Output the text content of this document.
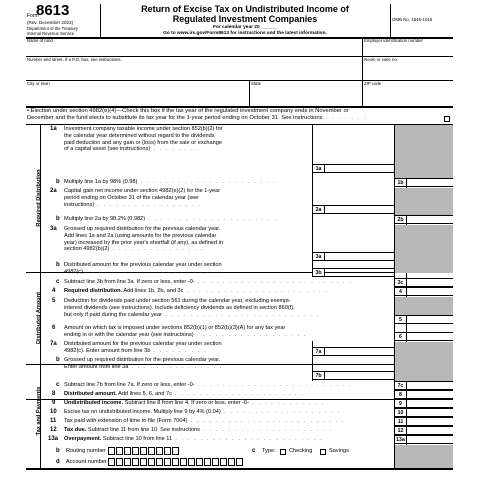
Form
8613
(Rev. December 2023)
Department of the Treasury
Internal Revenue Service
Return of Excise Tax on Undistributed Income of
Regulated Investment Companies
For calendar year 20 ______
Go to www.irs.gov/Form8613 for instructions and the latest information.
OMB No. 1545-1016
Name of fund	Employer identification number
Number and street. If a P.O. box, see instructions.	Room or suite no.
City or town	State	ZIP code
• Election under section 4982(e)(4)—Check this box if the tax year of the regulated investment company ends in November or
December and the fund elects to substitute its tax year for the 1-year period ending on October 31. See instructions . . . . . . .
Required Distribution
Distributed Amount
Tax and Payments
1a Investment company taxable income under section 852(b)(2) for
the calendar year determined without regard to the dividends
paid deduction and any gain or (loss) from the sale or exchange
of a capital asset (see instructions) . . . . . . . .
1a
b Multiply line 1a by 98% (0.98) . . . . . . . . . . . . . . . . . . . . . .	1b
2a Capital gain net income under section 4982(e)(2) for the 1-year
period ending on October 31 of the calendar year (see
instructions) . . . . . . . . . . . . . . . . .
2a
b Multiply line 2a by 98.2% (0.982) . . . . . . . . . . . . . . . . . . . . .	2b
3a Grossed up required distribution for the previous calendar year.
Add lines 1a and 2a (using amounts for the previous calendar
year) increased by the prior year's shortfall (if any), as defined in
section 4982(b)(2) . . . . . . . . . . . . . . .
3a
b Distributed amount for the previous calendar year under section
4982(c) . . . . . . . . . . . . . . . . . . . . . .	3b
c Subtract line 3b from line 3a. If zero or less, enter -0- . . . . . . . . . . . . . . . . . . . . . . . . .	3c
4 Required distribution. Add lines 1b, 2b, and 3c . . . . . . . . . . . . . . . . . . . . . . .	4
5 Deduction for dividends paid under section 561 during the calendar year, excluding exempt-
interest dividends (see instructions). Include deficiency dividends as defined in section 860(f),
but only if paid during the calendar year . . . . . . . . . . . . . . . . . . . . . . . . .
5
6 Amount on which tax is imposed under sections 852(b)(1) or 852(b)(3)(A) for any tax year
ending in or with the calendar year (see instructions) . . . . . . . . . . . . . . . . . .	6
7a Distributed amount for the previous calendar year under section
4982(c). Enter amount from line 3b . . . . . . . . .	7a
b Grossed up required distribution for the previous calendar year.
Enter amount from line 3a . . . . . . . . . . . . . . .
7b
c Subtract line 7b from line 7a. If zero or less, enter -0- . . . . . . . . . . . . . . . . . . . . . . . . .	7c
8 Distributed amount. Add lines 5, 6, and 7c . . . . . . . . . . . . . . . . . . . . .	8
9 Undistributed income. Subtract line 8 from line 4. If zero or less, enter -0- . . . . . . . . . . . .	9
10 Excise tax on undistributed income. Multiply line 9 by 4% (0.04) . . . . . . . . . . . . . . . . . . .	10
11 Tax paid with extension of time to file (Form 7004) . . . . . . . . . . . . . . . . . . . . . . . . .	11
12 Tax due. Subtract line 11 from line 10. See instructions . . . . . . . . . . . . . . . . . . . . .	12
13a Overpayment. Subtract line 10 from line 11 . . . . . . . . . . . . . . . . . . . . . . . .	13a
b Routing number	c Type: Checking	Savings
d Account number
